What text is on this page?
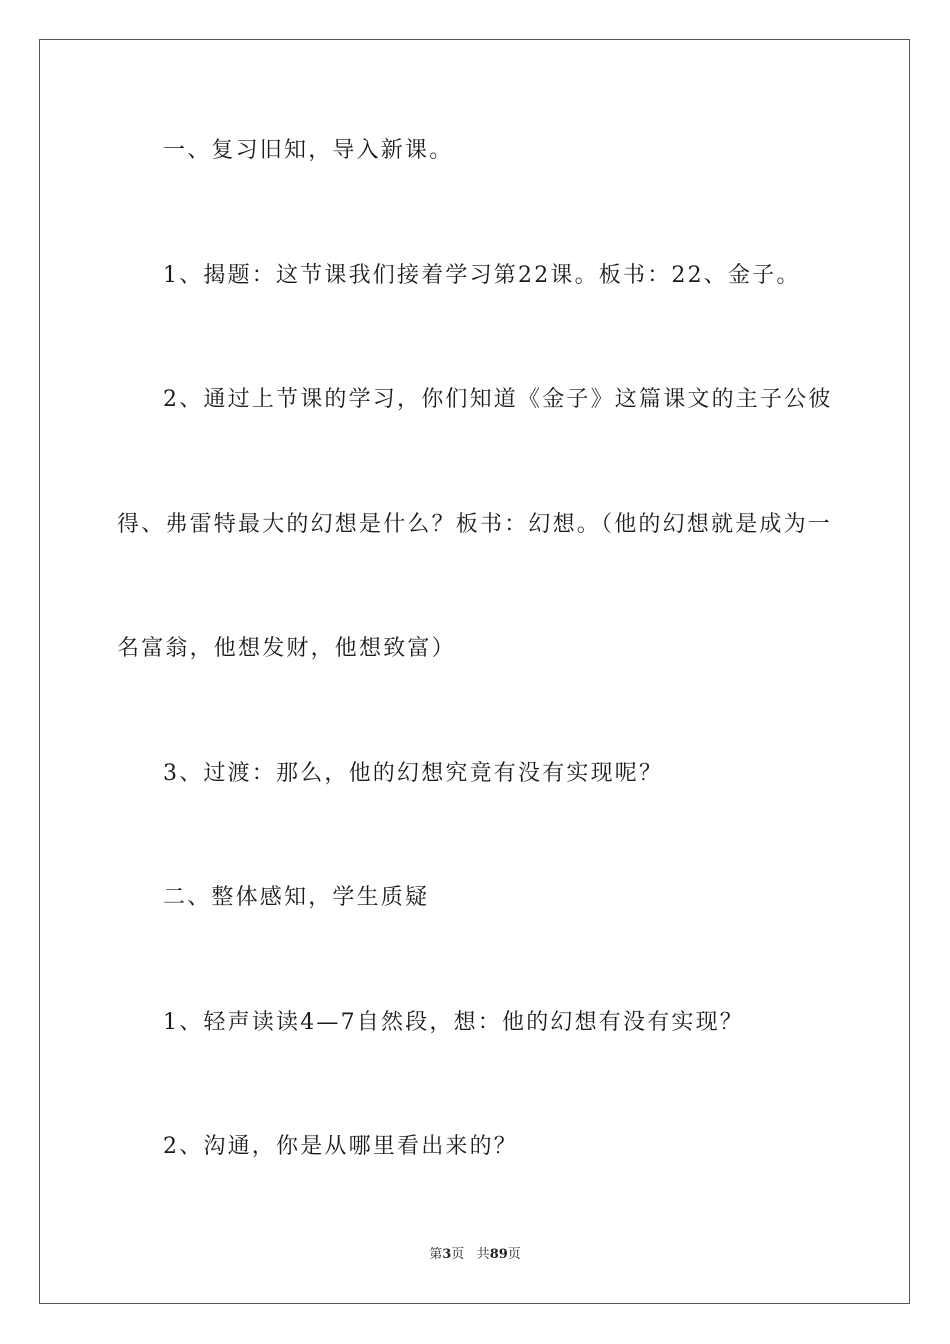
一、复习旧知，导入新课。
1、揭题：这节课我们接着学习第22课。板书：22、金子。
2、通过上节课的学习，你们知道《金子》这篇课文的主子公彼
得、弗雷特最大的幻想是什么？板书：幻想。（他的幻想就是成为一
名富翁，他想发财，他想致富）
3、过渡：那么，他的幻想究竟有没有实现呢？
二、整体感知，学生质疑
1、轻声读读4—7自然段，想：他的幻想有没有实现？
2、沟通，你是从哪里看出来的？
第3页 共89页
